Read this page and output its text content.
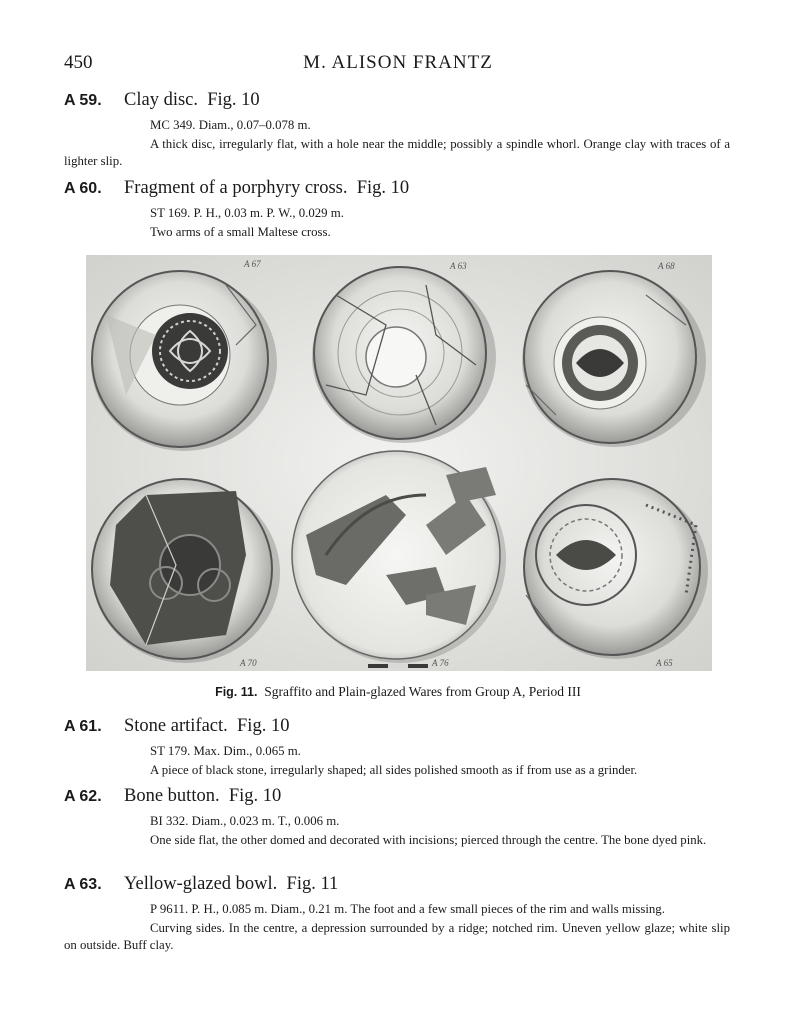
450	M. ALISON FRANTZ
A 59. Clay disc. Fig. 10

MC 349. Diam., 0.07–0.078 m.

A thick disc, irregularly flat, with a hole near the middle; possibly a spindle whorl. Orange clay with traces of a lighter slip.

A 60. Fragment of a porphyry cross. Fig. 10

ST 169. P. H., 0.03 m. P. W., 0.029 m.

Two arms of a small Maltese cross.

A 67	A 63	A 68
A 70	A 76	A 65
Fig. 11. Sgraffito and Plain-glazed Wares from Group A, Period III
A 61. Stone artifact. Fig. 10

ST 179. Max. Dim., 0.065 m.

A piece of black stone, irregularly shaped; all sides polished smooth as if from use as a grinder.

A 62. Bone button. Fig. 10

BI 332. Diam., 0.023 m. T., 0.006 m.

One side flat, the other domed and decorated with incisions; pierced through the centre. The bone dyed pink.

A 63. Yellow-glazed bowl. Fig. 11

P 9611. P. H., 0.085 m. Diam., 0.21 m. The foot and a few small pieces of the rim and walls missing.

Curving sides. In the centre, a depression surrounded by a ridge; notched rim. Uneven yellow glaze; white slip on outside. Buff clay.
